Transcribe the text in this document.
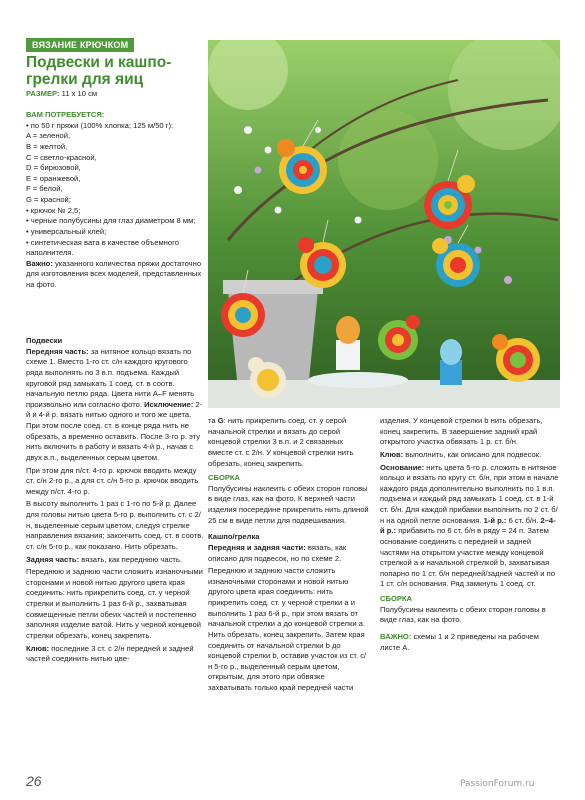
ВЯЗАНИЕ КРЮЧКОМ
Подвески и кашпо-грелки для яиц
РАЗМЕР: 11 х 10 см
ВАМ ПОТРЕБУЕТСЯ:
• по 50 г пряжи (100% хлопка; 125 м/50 г):
A = зеленой,
B = желтой,
C = светло-красной,
D = бирюзовой,
E = оранжевой,
F = белой,
G = красной;
• крючок № 2,5;
• черные полубусины для глаз диаметром 8 мм;
• универсальный клей;
• синтетическая вата в качестве объемного наполнителя.

Важно: указанного количества пряжи достаточно для изготовления всех моделей, представленных на фото.

Подвески

Передняя часть: за нитяное кольцо вязать по схеме 1. Вместо 1-го ст. с/н каждого кругового ряда выполнять по 3 в.п. подъема. Каждый круговой ряд замыкать 1 соед. ст. в соотв. начальную петлю ряда. Цвета нити А–F менять произвольно или согласно фото. Исключение: 2-й и 4-й р. вязать нитью одного и того же цвета. При этом после соед. ст. в конце ряда нить не обрезать, а временно оставить. После 3-го р. эту нить включить в работу и вязать 4-й р., начав с двух в.п., выделенных серым цветом.

При этом для п/ст. 4-го р. крючок вводить между ст. с/н 2-го р., а для ст. с/н 5-го р. крючок вводить между п/ст. 4-го р.

В высоту выполнить 1 раз с 1-го по 5-й р. Далее для головы нитью цвета 5-го р. выполнить ст. с 2/н, выделенные серым цветом, следуя стрелке направления вязания; закончить соед. ст. в соотв. ст. с/н 5-го р., как показано. Нить обрезать.

Задняя часть: вязать, как переднюю часть.

Переднюю и заднюю части сложить изнаночными сторонами и новой нитью другого цвета края соединить: нить прикрепить соед. ст. у черной стрелки и выполнить 1 раз 6-й р., захватывая совмещенные петли обеих частей и постепенно заполняя изделие ватой. Нить у черной концевой стрелки обрезать, конец закрепить.

Клюв: последние 3 ст. с 2/н передней и задней частей соединить нитью цве-

та G: нить прикрепить соед. ст. у серой начальной стрелки и вязать до серой концевой стрелки 3 в.п. и 2 связанных вместе ст. с 2/н. У концевой стрелки нить обрезать, конец закрепить.

СБОРКА

Полубусины наклеить с обеих сторон головы в виде глаз, как на фото. К верхней части изделия посередине прикрепить нить длиной 25 см в виде петли для подвешивания.

Кашпо/грелка

Передняя и задняя части: вязать, как описано для подвесок, но по схеме 2.

Переднюю и заднюю части сложить изнаночными сторонами и новой нитью другого цвета края соединить: нить прикрепить соед. ст. у черной стрелки а и выполнить 1 раз 6-й р., при этом вязать от начальной стрелки а до концевой стрелки а. Нить обрезать, конец закрепить. Затем края соединить от начальной стрелки b до концевой стрелки b, оставив участок из ст. с/н 5-го р., выделенный серым цветом, открытым, для этого при обвязке захватывать только край передней части

изделия. У концевой стрелки b нить обрезать, конец закрепить. В завершение задний край открытого участка обвязать 1 р. ст. б/н.

Клюв: выполнить, как описано для подвесок.

Основание: нить цвета 5-го р. сложить в нитяное кольцо и вязать по кругу ст. б/н, при этом в начале каждого ряда дополнительно выполнить по 1 в.п. подъема и каждый ряд замыкать 1 соед. ст. в 1-й ст. б/н. Для каждой прибавки выполнить по 2 ст. б/н на одной петле основания. 1-й р.: 6 ст. б/н. 2–4-й р.: прибавить по 6 ст. б/н в ряду = 24 п. Затем основание соединить с передней и задней частями на открытом участке между концевой стрелкой а и начальной стрелкой b, захватывая попарно по 1 ст. б/н передней/задней частей и по 1 ст. с/н основания. Ряд замкнуть 1 соед. ст.

СБОРКА

Полубусины наклеить с обеих сторон головы в виде глаз, как на фото.

ВАЖНО: схемы 1 и 2 приведены на рабочем листе А.

26	PassionForum.ru
